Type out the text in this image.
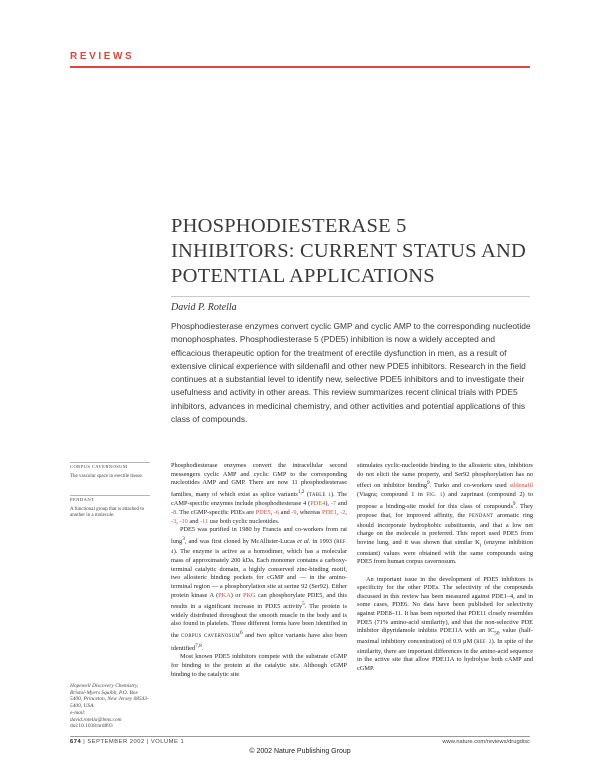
REVIEWS
PHOSPHODIESTERASE 5 INHIBITORS: CURRENT STATUS AND POTENTIAL APPLICATIONS
David P. Rotella
Phosphodiesterase enzymes convert cyclic GMP and cyclic AMP to the corresponding nucleotide monophosphates. Phosphodiesterase 5 (PDE5) inhibition is now a widely accepted and efficacious therapeutic option for the treatment of erectile dysfunction in men, as a result of extensive clinical experience with sildenafil and other new PDE5 inhibitors. Research in the field continues at a substantial level to identify new, selective PDE5 inhibitors and to investigate their usefulness and activity in other areas. This review summarizes recent clinical trials with PDE5 inhibitors, advances in medicinal chemistry, and other activities and potential applications of this class of compounds.
CORPUS CAVERNOSUM
The vascular space in erectile tissue.
PENDANT
A functional group that is attached to another in a molecule.
Hopewell Discovery Chemistry, Bristol-Myers Squibb, P.O. Box 5400, Princeton, New Jersey 08543-5400, USA.
e-mail:
david.rotella@bms.com
doi:10.1038/nrd893

Phosphodiesterase enzymes convert the intracellular second messengers cyclic AMP and cyclic GMP to the corresponding nucleotides AMP and GMP. There are now 11 phosphodiesterase families, many of which exist as splice variants$^{1,2}$ (TABLE 1). The cAMP-specific enzymes include phosphodiesterase 4 (PDE4), -7 and -8. The cGMP-specific PDEs are PDE5, -6 and -9, whereas PDE1, -2, -3, -10 and -11 use both cyclic nucleotides.

PDE5 was purified in 1980 by Francis and co-workers from rat lung$^3$, and was first cloned by McAllister-Lucas et al. in 1993 (REF. 4). The enzyme is active as a homodimer, which has a molecular mass of approximately 200 kDa. Each monomer contains a carboxy-terminal catalytic domain, a highly conserved zinc-binding motif, two allosteric binding pockets for cGMP and — in the amino-terminal region — a phosphorylation site at serine 92 (Ser92). Either protein kinase A (PKA) or PKG can phosphorylate PDE5, and this results in a significant increase in PDE5 activity$^5$. The protein is widely distributed throughout the smooth muscle in the body and is also found in platelets. Three different forms have been identified in the CORPUS CAVERNOSUM$^6$ and two splice variants have also been identified$^{7,8}$.

Most known PDE5 inhibitors compete with the substrate cGMP for binding to the protein at the catalytic site. Although cGMP binding to the catalytic site

stimulates cyclic-nucleotide binding to the allosteric sites, inhibitors do not elicit the same property, and Ser92 phosphorylation has no effect on inhibitor binding$^9$. Turko and co-workers used sildenafil (Viagra; compound 1 in FIG. 1) and zaprinast (compound 2) to propose a binding-site model for this class of compounds$^9$. They propose that, for improved affinity, the PENDANT aromatic ring should incorporate hydrophobic substituents, and that a low net charge on the molecule is preferred. This report used PDE5 from bovine lung, and it was shown that similar $K_i$ (enzyme inhibition constant) values were obtained with the same compounds using PDE5 from human corpus cavernosum.

An important issue in the development of PDE5 inhibitors is specificity for the other PDEs. The selectivity of the compounds discussed in this review has been measured against PDE1–4, and in some cases, PDE6. No data have been published for selectivity against PDE8–11. It has been reported that PDE11 closely resembles PDE5 (71% amino-acid similarity), and that the non-selective PDE inhibitor dipyridamole inhibits PDE11A with an $IC_{50}$ value (half-maximal inhibitory concentration) of 0.9 µM (REF. 2). In spite of the similarity, there are important differences in the amino-acid sequence in the active site that allow PDE11A to hydrolyse both cAMP and cGMP.

674 | SEPTEMBER 2002 | VOLUME 1	www.nature.com/reviews/drugdisc
© 2002 Nature Publishing Group
